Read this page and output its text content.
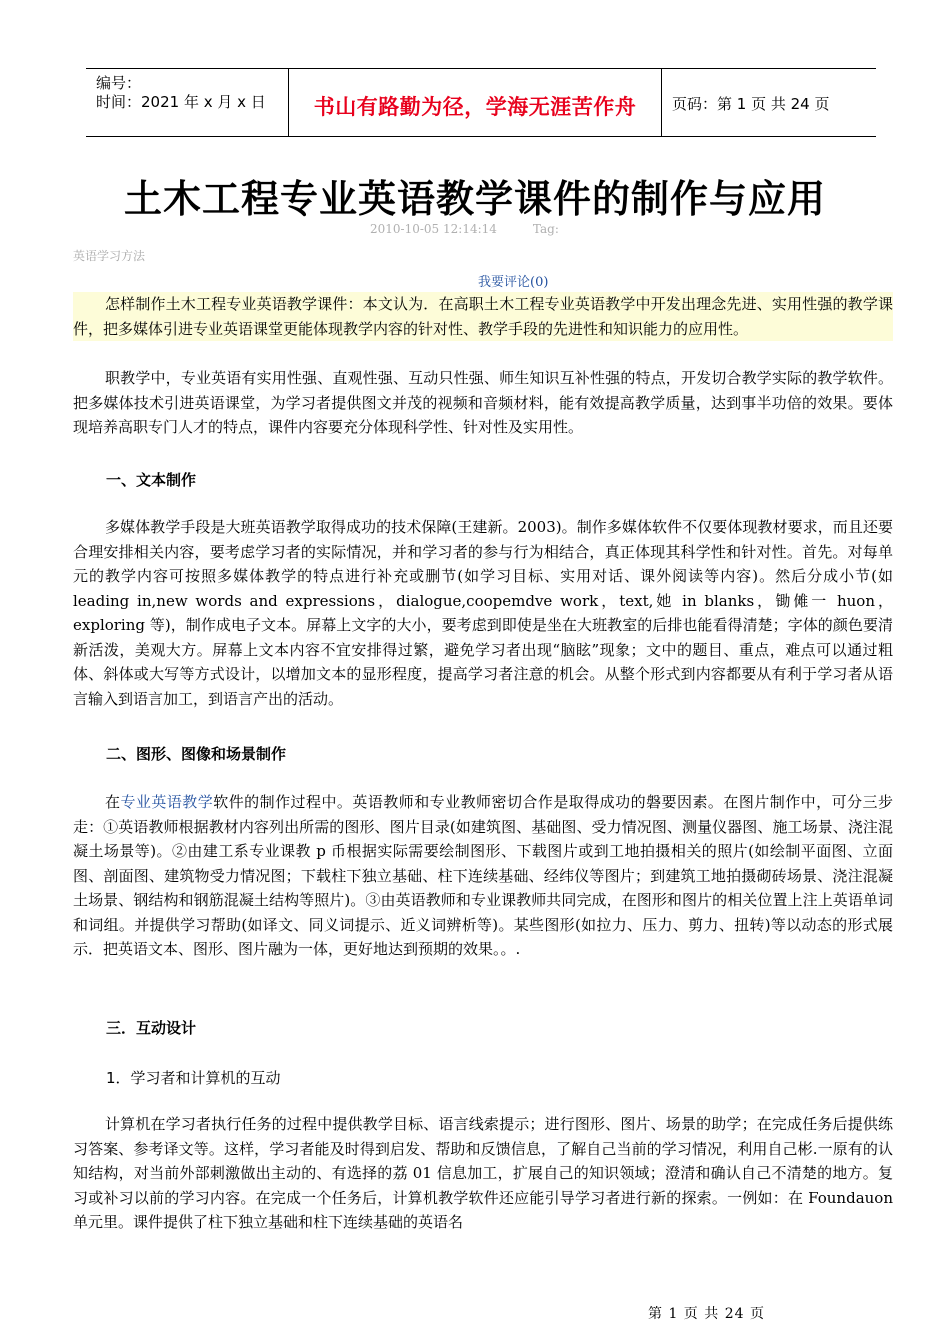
编号：
时间：2021 年 x 月 x 日	书山有路勤为径，学海无涯苦作舟	页码：第 1 页 共 24 页
土木工程专业英语教学课件的制作与应用
2010-10-05 12:14:14	Tag:
英语学习方法
我要评论(0)

怎样制作土木工程专业英语教学课件：本文认为．在高职土木工程专业英语教学中开发出理念先进、实用性强的教学课件，把多媒体引进专业英语课堂更能体现教学内容的针对性、教学手段的先进性和知识能力的应用性。

职教学中，专业英语有实用性强、直观性强、互动只性强、师生知识互补性强的特点，开发切合教学实际的教学软件。把多媒体技术引进英语课堂，为学习者提供图文并茂的视频和音频材料，能有效提高教学质量，达到事半功倍的效果。要体现培养高职专门人才的特点，课件内容要充分体现科学性、针对性及实用性。

一、文本制作

多媒体教学手段是大班英语教学取得成功的技术保障(王建新。2003)。制作多媒体软件不仅要体现教材要求，而且还要合理安排相关内容，要考虑学习者的实际情况，并和学习者的参与行为相结合，真正体现其科学性和针对性。首先。对每单元的教学内容可按照多媒体教学的特点进行补充或删节(如学习目标、实用对话、课外阅读等内容)。然后分成小节(如 leading in,new words and expressions，dialogue,coopemdve work，text,她 in blanks，锄傩一 huon，exploring 等)，制作成电子文本。屏幕上文字的大小，要考虑到即使是坐在大班教室的后排也能看得清楚；字体的颜色要清新活泼，美观大方。屏幕上文本内容不宜安排得过繁，避免学习者出现“脑眩”现象；文中的题目、重点，难点可以通过粗体、斜体或大写等方式设计，以增加文本的显形程度，提高学习者注意的机会。从整个形式到内容都要从有利于学习者从语言输入到语言加工，到语言产出的活动。

二、图形、图像和场景制作

在专业英语教学软件的制作过程中。英语教师和专业教师密切合作是取得成功的磐要因素。在图片制作中，可分三步走：①英语教师根据教材内容列出所需的图形、图片目录(如建筑图、基础图、受力情况图、测量仪器图、施工场景、浇注混凝土场景等)。②由建工系专业课教 p 币根据实际需要绘制图形、下载图片或到工地拍摄相关的照片(如绘制平面图、立面图、剖面图、建筑物受力情况图；下载柱下独立基础、柱下连续基础、经纬仪等图片；到建筑工地拍摄砌砖场景、浇注混凝土场景、钢结构和钢筋混凝土结构等照片)。③由英语教师和专业课教师共同完成，在图形和图片的相关位置上注上英语单词和词组。并提供学习帮助(如译文、同义词提示、近义词辨析等)。某些图形(如拉力、压力、剪力、扭转)等以动态的形式展示．把英语文本、图形、图片融为一体，更好地达到预期的效果。。.

三．互动设计
1．学习者和计算机的互动

计算机在学习者执行任务的过程中提供教学目标、语言线索提示；进行图形、图片、场景的助学；在完成任务后提供练习答案、参考译文等。这样，学习者能及时得到启发、帮助和反馈信息，了解自己当前的学习情况，利用自己彬.一原有的认知结构，对当前外部刺激做出主动的、有选择的荔 01 信息加工，扩展自己的知识领域；澄清和确认自己不清楚的地方。复习或补习以前的学习内容。在完成一个任务后，计算机教学软件还应能引导学习者进行新的探索。一例如：在 Foundauon 单元里。课件提供了柱下独立基础和柱下连续基础的英语名

第 1 页 共 24 页
